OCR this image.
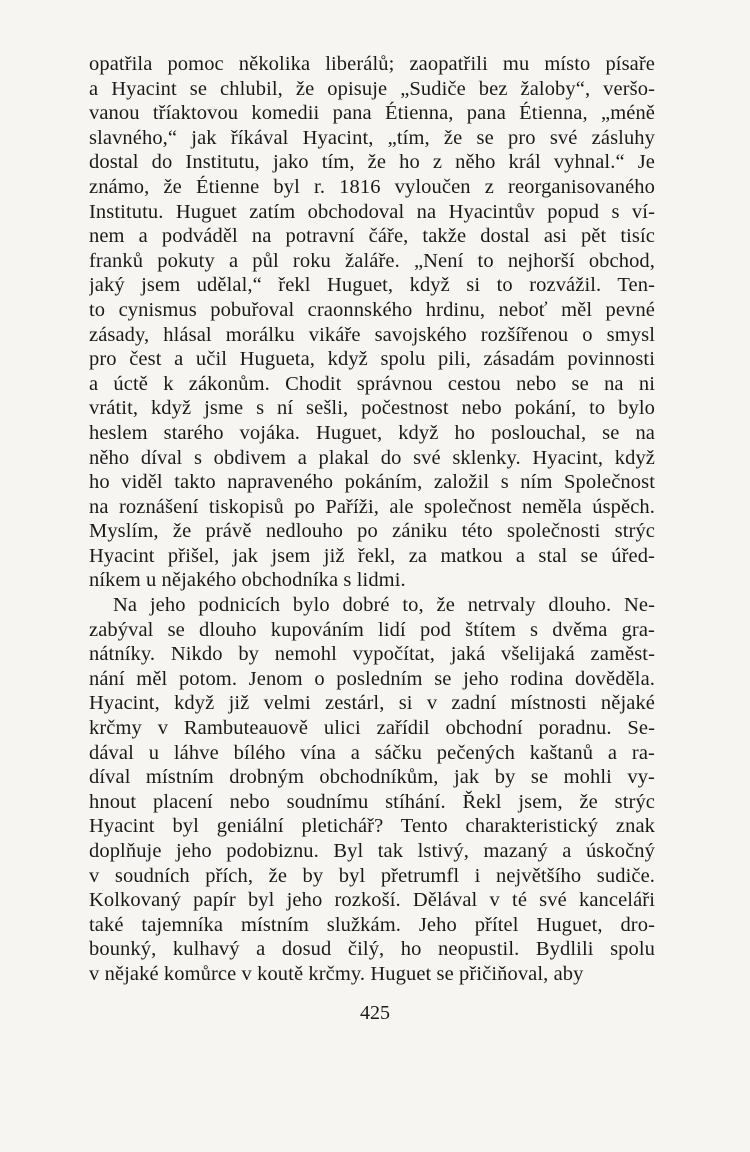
opatřila pomoc několika liberálů; zaopatřili mu místo písaře
a Hyacint se chlubil, že opisuje „Sudiče bez žaloby“, veršo-
vanou tříaktovou komedii pana Étienna, pana Étienna, „méně
slavného,“ jak říkával Hyacint, „tím, že se pro své zásluhy
dostal do Institutu, jako tím, že ho z něho král vyhnal.“ Je
známo, že Étienne byl r. 1816 vyloučen z reorganisovaného
Institutu. Huguet zatím obchodoval na Hyacintův popud s ví-
nem a podváděl na potravní čáře, takže dostal asi pět tisíc
franků pokuty a půl roku žaláře. „Není to nejhorší obchod,
jaký jsem udělal,“ řekl Huguet, když si to rozvážil. Ten-
to cynismus pobuřoval craonnského hrdinu, neboť měl pevné
zásady, hlásal morálku vikáře savojského rozšířenou o smysl
pro čest a učil Hugueta, když spolu pili, zásadám povinnosti
a úctě k zákonům. Chodit správnou cestou nebo se na ni
vrátit, když jsme s ní sešli, počestnost nebo pokání, to bylo
heslem starého vojáka. Huguet, když ho poslouchal, se na
něho díval s obdivem a plakal do své sklenky. Hyacint, když
ho viděl takto napraveného pokáním, založil s ním Společnost
na roznášení tiskopisů po Paříži, ale společnost neměla úspěch.
Myslím, že právě nedlouho po zániku této společnosti strýc
Hyacint přišel, jak jsem již řekl, za matkou a stal se úřed-
níkem u nějakého obchodníka s lidmi.
Na jeho podnicích bylo dobré to, že netrvaly dlouho. Ne-
zabýval se dlouho kupováním lidí pod štítem s dvěma gra-
nátníky. Nikdo by nemohl vypočítat, jaká všelijaká zaměst-
nání měl potom. Jenom o posledním se jeho rodina dověděla.
Hyacint, když již velmi zestárl, si v zadní místnosti nějaké
krčmy v Rambuteauově ulici zařídil obchodní poradnu. Se-
dával u láhve bílého vína a sáčku pečených kaštanů a ra-
díval místním drobným obchodníkům, jak by se mohli vy-
hnout placení nebo soudnímu stíhání. Řekl jsem, že strýc
Hyacint byl geniální pletichář? Tento charakteristický znak
doplňuje jeho podobiznu. Byl tak lstivý, mazaný a úskočný
v soudních přích, že by byl přetrumfl i největšího sudiče.
Kolkovaný papír byl jeho rozkoší. Dělával v té své kanceláři
také tajemníka místním služkám. Jeho přítel Huguet, dro-
bounký, kulhavý a dosud čilý, ho neopustil. Bydlili spolu
v nějaké komůrce v koutě krčmy. Huguet se přičiňoval, aby
425
